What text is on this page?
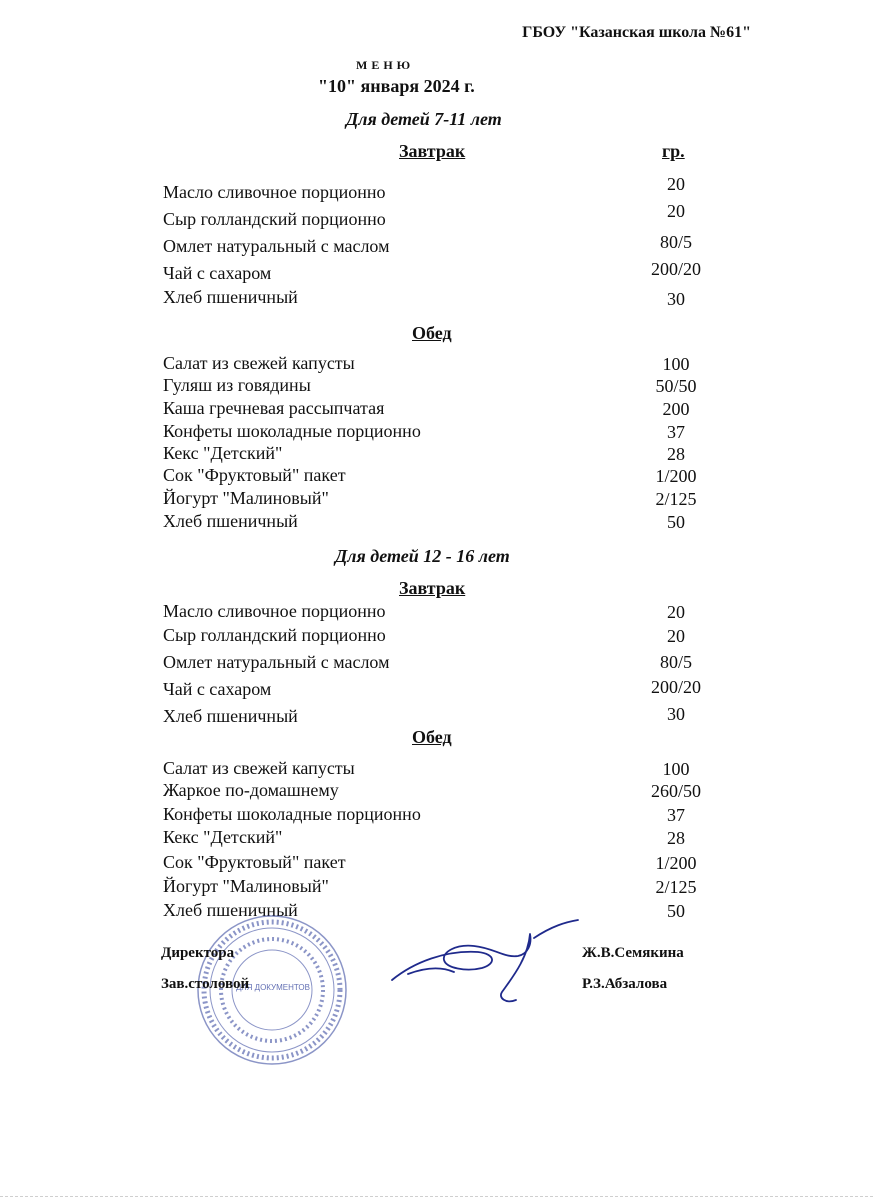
ГБОУ "Казанская школа №61"
МЕНЮ
"10" января 2024 г.
Для детей 7-11 лет
Завтрак	гр.
Масло сливочное порционно	20
Сыр голландский порционно	20
Омлет натуральный с маслом	80/5
Чай с сахаром	200/20
Хлеб пшеничный	30
Обед
Салат из свежей капусты	100
Гуляш из говядины	50/50
Каша гречневая рассыпчатая	200
Конфеты шоколадные порционно	37
Кекс "Детский"	28
Сок "Фруктовый" пакет	1/200
Йогурт "Малиновый"	2/125
Хлеб пшеничный	50
Для детей 12 - 16 лет
Завтрак
Масло сливочное порционно	20
Сыр голландский порционно	20
Омлет натуральный с маслом	80/5
Чай с сахаром	200/20
Хлеб пшеничный	30
Обед
Салат из свежей капусты	100
Жаркое по-домашнему	260/50
Конфеты шоколадные порционно	37
Кекс "Детский"	28
Сок "Фруктовый" пакет	1/200
Йогурт "Малиновый"	2/125
Хлеб пшеничный	50
ДЛЯ ДОКУМЕНТОВ
Директора	Ж.В.Семякина
Зав.столовой	Р.З.Абзалова
